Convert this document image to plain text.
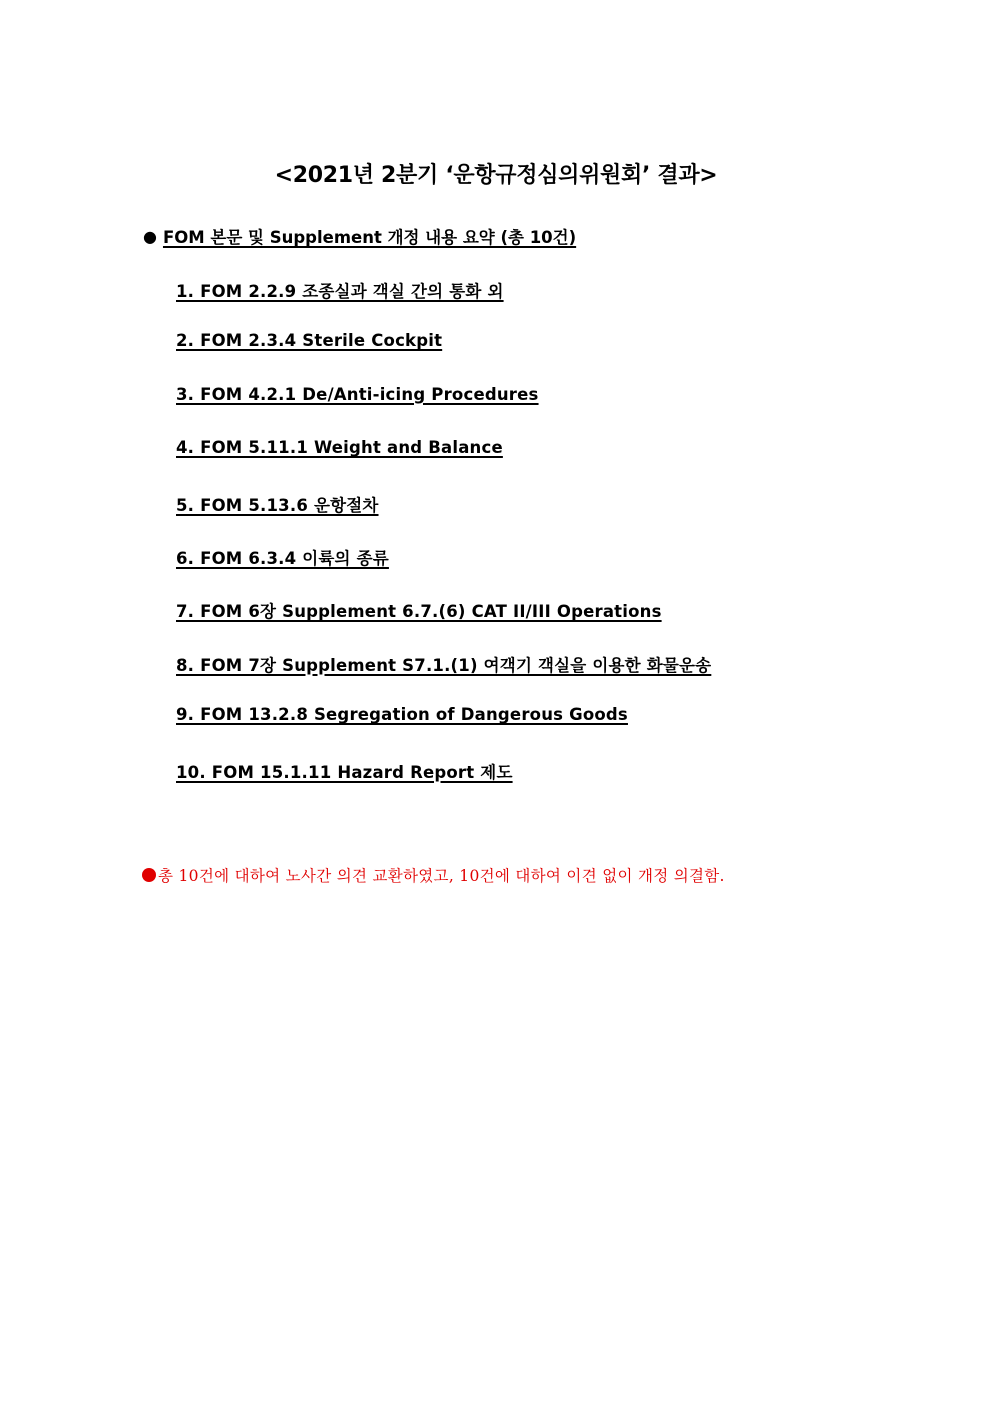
<2021년 2분기 ‘운항규정심의위원회’ 결과>

● FOM 본문 및 Supplement 개정 내용 요약 (총 10건)

1. FOM 2.2.9 조종실과 객실 간의 통화 외
2. FOM 2.3.4 Sterile Cockpit
3. FOM 4.2.1 De/Anti-icing Procedures
4. FOM 5.11.1 Weight and Balance
5. FOM 5.13.6 운항절차
6. FOM 6.3.4 이륙의 종류
7. FOM 6장 Supplement 6.7.(6) CAT II/III Operations
8. FOM 7장 Supplement S7.1.(1) 여객기 객실을 이용한 화물운송
9. FOM 13.2.8 Segregation of Dangerous Goods
10. FOM 15.1.11 Hazard Report 제도

총 10건에 대하여 노사간 의견 교환하였고, 10건에 대하여 이견 없이 개정 의결함.
